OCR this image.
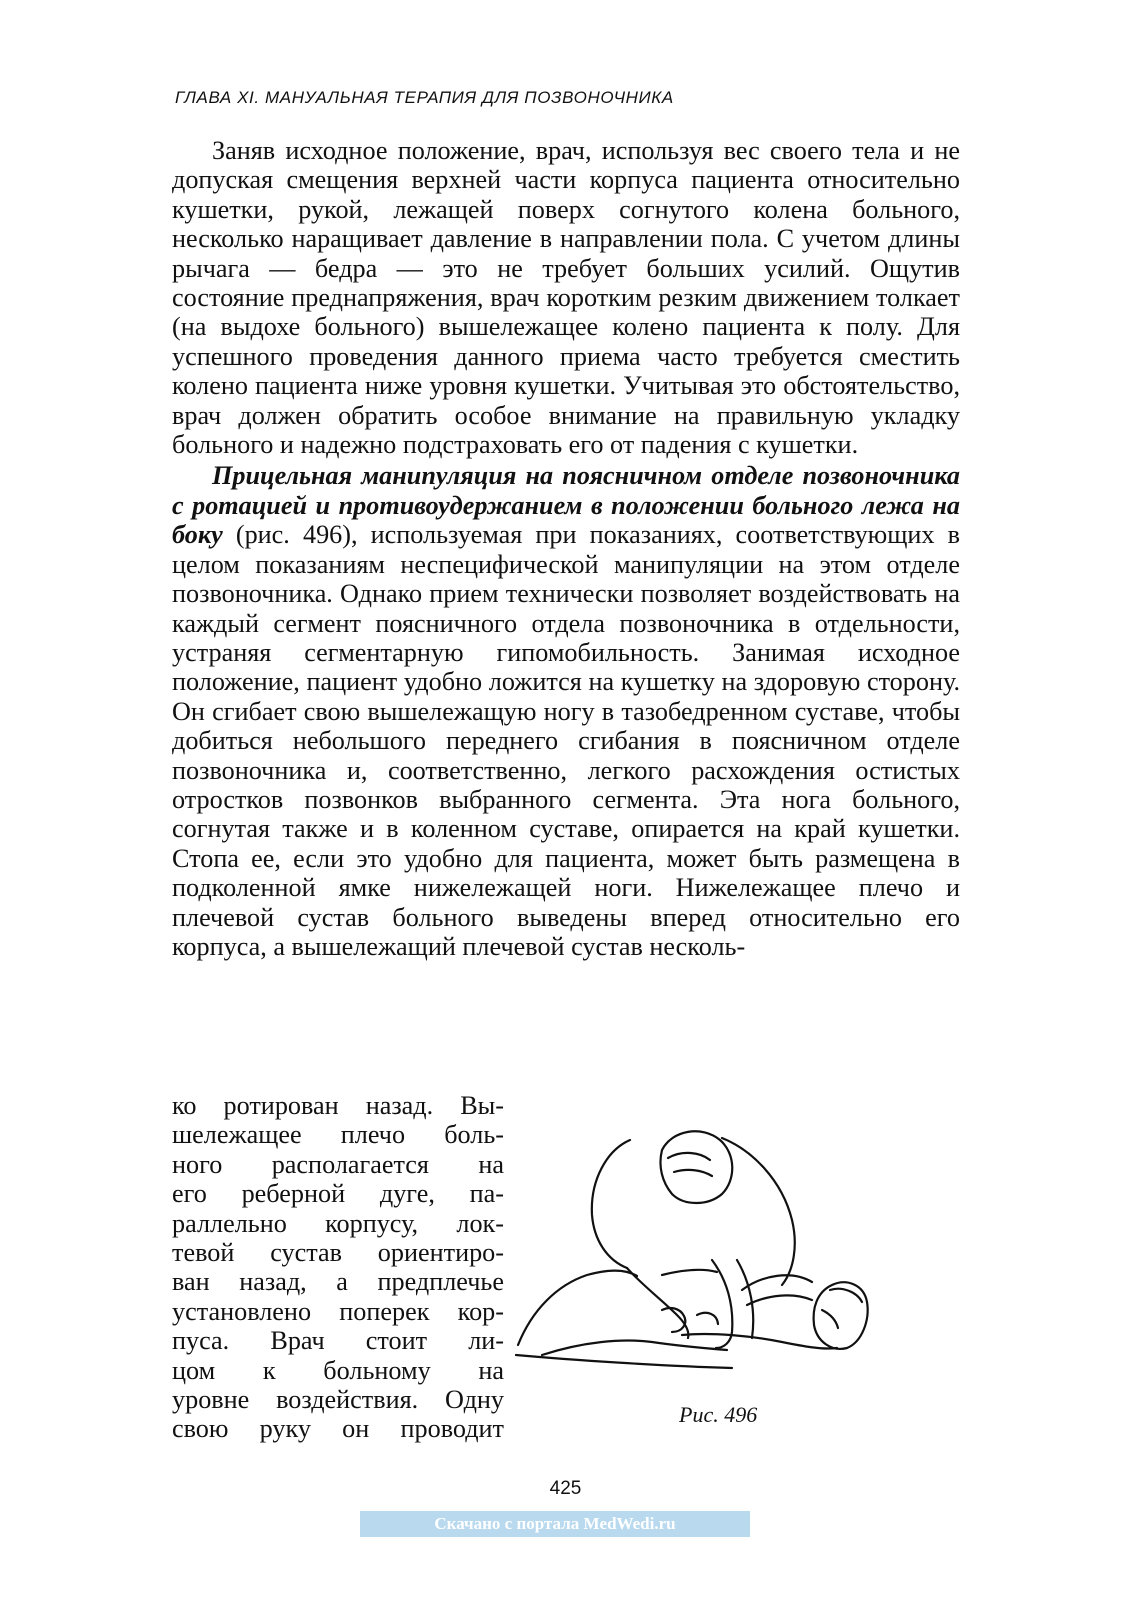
ГЛАВА XI. МАНУАЛЬНАЯ ТЕРАПИЯ ДЛЯ ПОЗВОНОЧНИКА

Заняв исходное положение, врач, используя вес своего тела и не допуская смещения верхней части корпуса пациента относительно кушетки, рукой, лежащей поверх согнутого колена больного, несколько наращивает давление в направлении пола. С учетом длины рычага — бедра — это не требует больших усилий. Ощутив состояние преднапряжения, врач коротким резким движением толкает (на выдохе больного) вышележащее колено пациента к полу. Для успешного проведения данного приема часто требуется сместить колено пациента ниже уровня кушетки. Учитывая это обстоятельство, врач должен обратить особое внимание на правильную укладку больного и надежно подстраховать его от падения с кушетки.

Прицельная манипуляция на поясничном отделе позвоночника с ротацией и противоудержанием в положении больного лежа на боку (рис. 496), используемая при показаниях, соответствующих в целом показаниям неспецифической манипуляции на этом отделе позвоночника. Однако прием технически позволяет воздействовать на каждый сегмент поясничного отдела позвоночника в отдельности, устраняя сегментарную гипомобильность. Занимая исходное положение, пациент удобно ложится на кушетку на здоровую сторону. Он сгибает свою вышележащую ногу в тазобедренном суставе, чтобы добиться небольшого переднего сгибания в поясничном отделе позвоночника и, соответственно, легкого расхождения остистых отростков позвонков выбранного сегмента. Эта нога больного, согнутая также и в коленном суставе, опирается на край кушетки. Стопа ее, если это удобно для пациента, может быть размещена в подколенной ямке нижележащей ноги. Нижележащее плечо и плечевой сустав больного выведены вперед относительно его корпуса, а вышележащий плечевой сустав несколь-

ко ротирован назад. Вы-
шележащее плечо боль-
ного располагается на
его реберной дуге, па-
раллельно корпусу, лок-
тевой сустав ориентиро-
ван назад, а предплечье
установлено поперек кор-
пуса. Врач стоит ли-
цом к больному на
уровне воздействия. Одну
свою руку он проводит	Рис. 496
425
Скачано с портала MedWedi.ru
